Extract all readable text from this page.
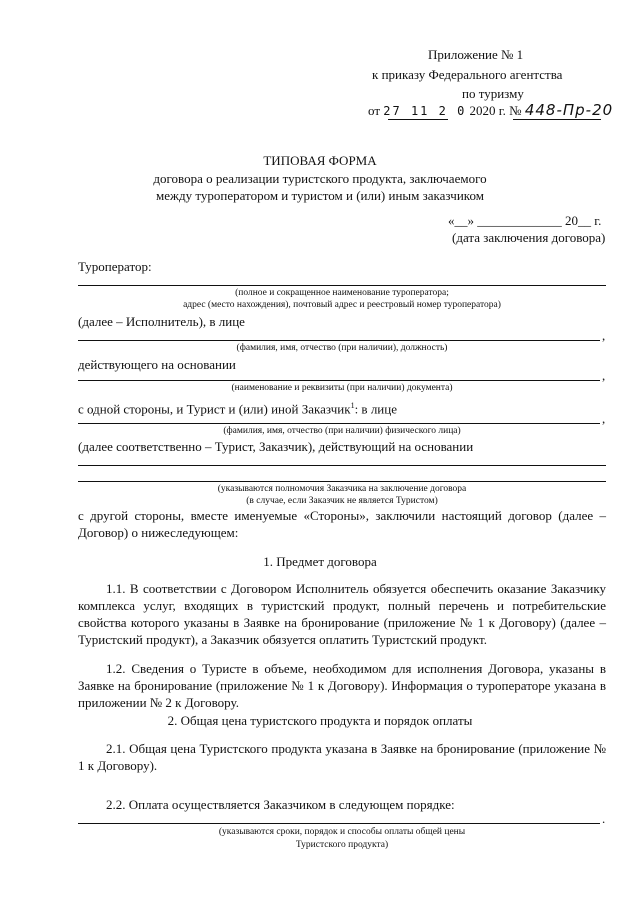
Приложение № 1
к приказу Федерального агентства
по туризму
от 27 11 2 0 2020 г. № 448-Пр-20
ТИПОВАЯ ФОРМА
договора о реализации туристского продукта, заключаемого
между туроператором и туристом и (или) иным заказчиком
«__» _____________ 20__ г.
(дата заключения договора)
Туроператор:
(полное и сокращенное наименование туроператора;
адрес (место нахождения), почтовый адрес и реестровый номер туроператора)
(далее – Исполнитель), в лице
,
(фамилия, имя, отчество (при наличии), должность)
действующего на основании
,
(наименование и реквизиты (при наличии) документа)
с одной стороны, и Турист и (или) иной Заказчик$^1$: в лице
,
(фамилия, имя, отчество (при наличии) физического лица)
(далее соответственно – Турист, Заказчик), действующий на основании
(указываются полномочия Заказчика на заключение договора
(в случае, если Заказчик не является Туристом)
с другой стороны, вместе именуемые «Стороны», заключили настоящий договор (далее – Договор) о нижеследующем:
1. Предмет договора
1.1. В соответствии с Договором Исполнитель обязуется обеспечить оказание Заказчику комплекса услуг, входящих в туристский продукт, полный перечень и потребительские свойства которого указаны в Заявке на бронирование (приложение № 1 к Договору) (далее – Туристский продукт), а Заказчик обязуется оплатить Туристский продукт.
1.2. Сведения о Туристе в объеме, необходимом для исполнения Договора, указаны в Заявке на бронирование (приложение № 1 к Договору). Информация о туроператоре указана в приложении № 2 к Договору.
2. Общая цена туристского продукта и порядок оплаты
2.1. Общая цена Туристского продукта указана в Заявке на бронирование (приложение № 1 к Договору).
2.2. Оплата осуществляется Заказчиком в следующем порядке:
.
(указываются сроки, порядок и способы оплаты общей цены
Туристского продукта)
